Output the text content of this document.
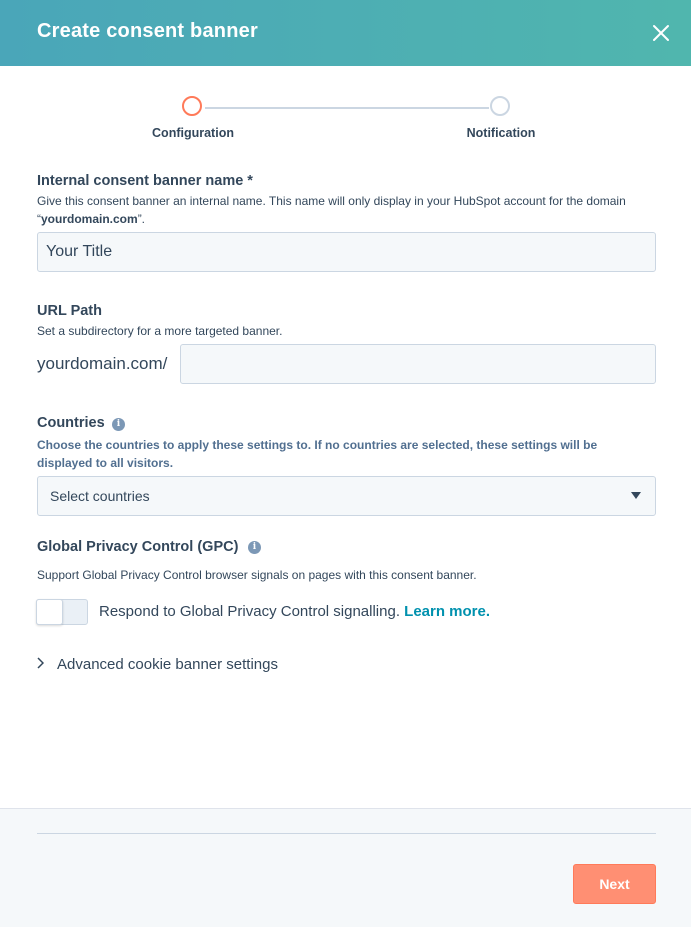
Create consent banner
Configuration	Notification
Internal consent banner name *
Give this consent banner an internal name. This name will only display in your HubSpot account for the domain “yourdomain.com”.
Your Title
URL Path
Set a subdirectory for a more targeted banner.
yourdomain.com/
Countries	i
Choose the countries to apply these settings to. If no countries are selected, these settings will be displayed to all visitors.
Select countries
Global Privacy Control (GPC)	i
Support Global Privacy Control browser signals on pages with this consent banner.
Respond to Global Privacy Control signalling. Learn more.
Advanced cookie banner settings
Next
